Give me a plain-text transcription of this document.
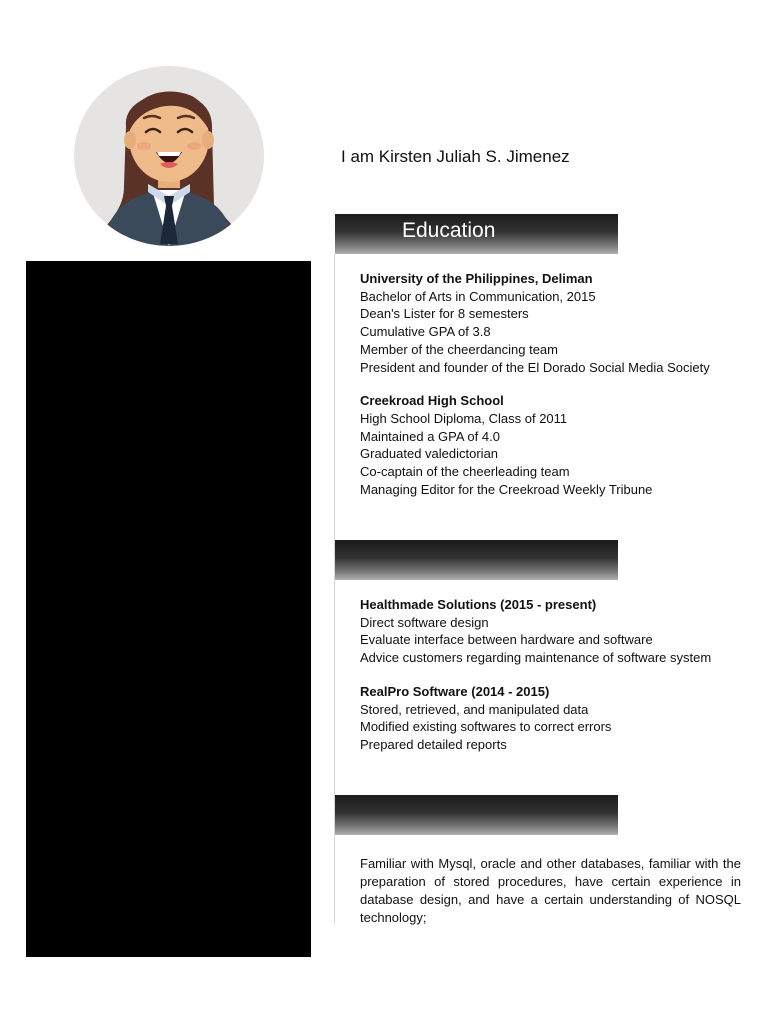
I am Kirsten Juliah S. Jimenez
Education
University of the Philippines, Deliman
Bachelor of Arts in Communication, 2015
Dean's Lister for 8 semesters
Cumulative GPA of 3.8
Member of the cheerdancing team
President and founder of the El Dorado Social Media Society
Creekroad High School
High School Diploma, Class of 2011
Maintained a GPA of 4.0
Graduated valedictorian
Co-captain of the cheerleading team
Managing Editor for the Creekroad Weekly Tribune
Healthmade Solutions (2015 - present)
Direct software design
Evaluate interface between hardware and software
Advice customers regarding maintenance of software system
RealPro Software (2014 - 2015)
Stored, retrieved, and manipulated data
Modified existing softwares to correct errors
Prepared detailed reports
Familiar with Mysql, oracle and other databases, familiar with the preparation of stored procedures, have certain experience in database design, and have a certain understanding of NOSQL technology;
